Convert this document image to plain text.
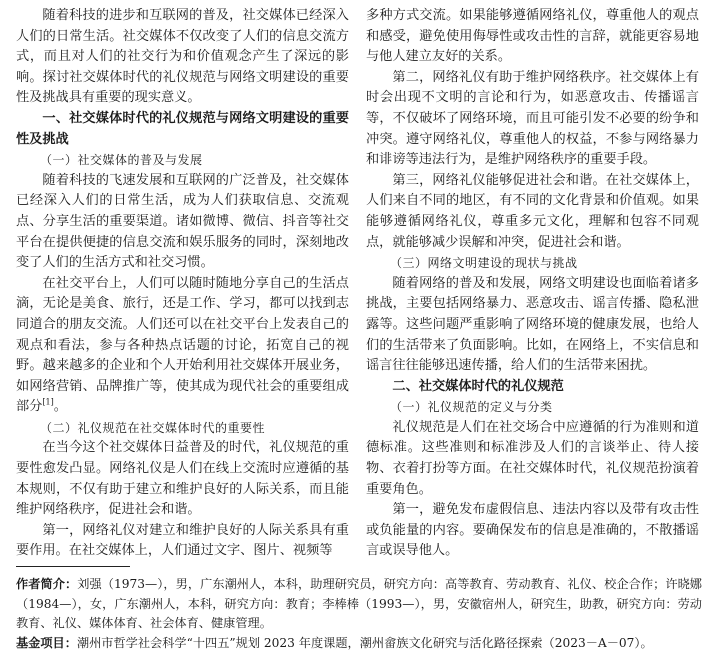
随着科技的进步和互联网的普及，社交媒体已经深入人们的日常生活。社交媒体不仅改变了人们的信息交流方式，而且对人们的社交行为和价值观念产生了深远的影响。探讨社交媒体时代的礼仪规范与网络文明建设的重要性及挑战具有重要的现实意义。

一、社交媒体时代的礼仪规范与网络文明建设的重要性及挑战
（一）社交媒体的普及与发展

随着科技的飞速发展和互联网的广泛普及，社交媒体已经深入人们的日常生活，成为人们获取信息、交流观点、分享生活的重要渠道。诸如微博、微信、抖音等社交平台在提供便捷的信息交流和娱乐服务的同时，深刻地改变了人们的生活方式和社交习惯。

在社交平台上，人们可以随时随地分享自己的生活点滴，无论是美食、旅行，还是工作、学习，都可以找到志同道合的朋友交流。人们还可以在社交平台上发表自己的观点和看法，参与各种热点话题的讨论，拓宽自己的视野。越来越多的企业和个人开始利用社交媒体开展业务，如网络营销、品牌推广等，使其成为现代社会的重要组成部分[1]。

（二）礼仪规范在社交媒体时代的重要性

在当今这个社交媒体日益普及的时代，礼仪规范的重要性愈发凸显。网络礼仪是人们在线上交流时应遵循的基本规则，不仅有助于建立和维护良好的人际关系，而且能维护网络秩序，促进社会和谐。

第一，网络礼仪对建立和维护良好的人际关系具有重要作用。在社交媒体上，人们通过文字、图片、视频等

多种方式交流。如果能够遵循网络礼仪，尊重他人的观点和感受，避免使用侮辱性或攻击性的言辞，就能更容易地与他人建立友好的关系。

第二，网络礼仪有助于维护网络秩序。社交媒体上有时会出现不文明的言论和行为，如恶意攻击、传播谣言等，不仅破坏了网络环境，而且可能引发不必要的纷争和冲突。遵守网络礼仪，尊重他人的权益，不参与网络暴力和诽谤等违法行为，是维护网络秩序的重要手段。

第三，网络礼仪能够促进社会和谐。在社交媒体上，人们来自不同的地区，有不同的文化背景和价值观。如果能够遵循网络礼仪，尊重多元文化，理解和包容不同观点，就能够减少误解和冲突，促进社会和谐。

（三）网络文明建设的现状与挑战

随着网络的普及和发展，网络文明建设也面临着诸多挑战，主要包括网络暴力、恶意攻击、谣言传播、隐私泄露等。这些问题严重影响了网络环境的健康发展，也给人们的生活带来了负面影响。比如，在网络上，不实信息和谣言往往能够迅速传播，给人们的生活带来困扰。

二、社交媒体时代的礼仪规范
（一）礼仪规范的定义与分类

礼仪规范是人们在社交场合中应遵循的行为准则和道德标准。这些准则和标准涉及人们的言谈举止、待人接物、衣着打扮等方面。在社交媒体时代，礼仪规范扮演着重要角色。

第一，避免发布虚假信息、违法内容以及带有攻击性或负能量的内容。要确保发布的信息是准确的，不散播谣言或误导他人。

作者简介：刘强（1973—），男，广东潮州人，本科，助理研究员，研究方向：高等教育、劳动教育、礼仪、校企合作；许晓娜（1984—），女，广东潮州人，本科，研究方向：教育；李棒棒（1993—），男，安徽宿州人，研究生，助教，研究方向：劳动教育、礼仪、媒体体育、社会体育、健康管理。
基金项目：潮州市哲学社会科学“十四五”规划 2023 年度课题，潮州畲族文化研究与活化路径探索（2023－A－07）。
